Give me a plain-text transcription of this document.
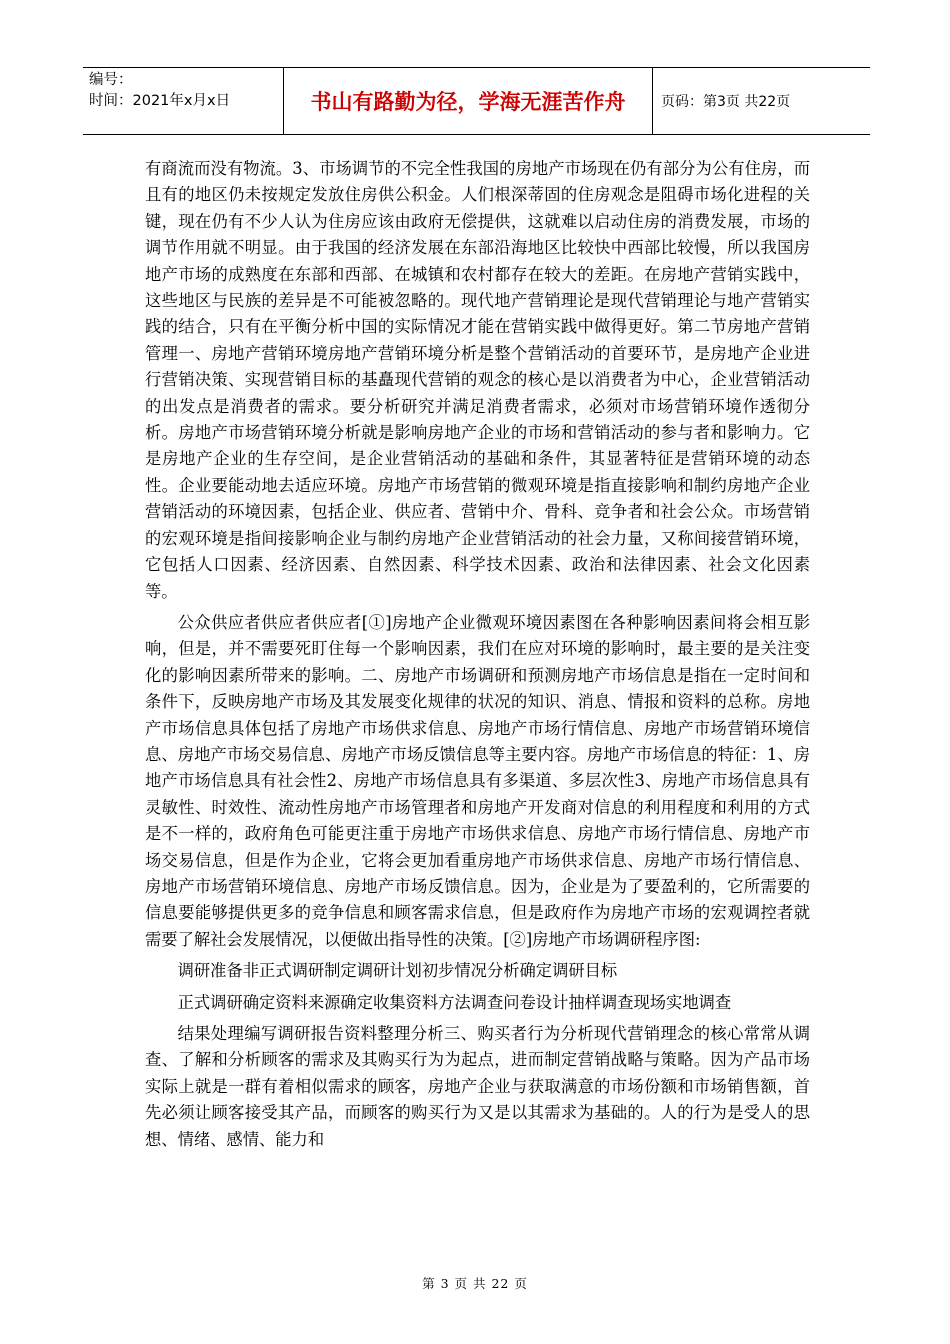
编号：
时间：2021年x月x日	书山有路勤为径，学海无涯苦作舟	页码：第3页 共22页

有商流而没有物流。3、市场调节的不完全性我国的房地产市场现在仍有部分为公有住房，而且有的地区仍未按规定发放住房供公积金。人们根深蒂固的住房观念是阻碍市场化进程的关键，现在仍有不少人认为住房应该由政府无偿提供，这就难以启动住房的消费发展，市场的调节作用就不明显。由于我国的经济发展在东部沿海地区比较快中西部比较慢，所以我国房地产市场的成熟度在东部和西部、在城镇和农村都存在较大的差距。在房地产营销实践中，这些地区与民族的差异是不可能被忽略的。现代地产营销理论是现代营销理论与地产营销实践的结合，只有在平衡分析中国的实际情况才能在营销实践中做得更好。第二节房地产营销管理一、房地产营销环境房地产营销环境分析是整个营销活动的首要环节，是房地产企业进行营销决策、实现营销目标的基矗现代营销的观念的核心是以消费者为中心，企业营销活动的出发点是消费者的需求。要分析研究并满足消费者需求，必须对市场营销环境作透彻分析。房地产市场营销环境分析就是影响房地产企业的市场和营销活动的参与者和影响力。它是房地产企业的生存空间，是企业营销活动的基础和条件，其显著特征是营销环境的动态性。企业要能动地去适应环境。房地产市场营销的微观环境是指直接影响和制约房地产企业营销活动的环境因素，包括企业、供应者、营销中介、骨科、竞争者和社会公众。市场营销的宏观环境是指间接影响企业与制约房地产企业营销活动的社会力量，又称间接营销环境，它包括人口因素、经济因素、自然因素、科学技术因素、政治和法律因素、社会文化因素等。

公众供应者供应者供应者[①]房地产企业微观环境因素图在各种影响因素间将会相互影响，但是，并不需要死盯住每一个影响因素，我们在应对环境的影响时，最主要的是关注变化的影响因素所带来的影响。二、房地产市场调研和预测房地产市场信息是指在一定时间和条件下，反映房地产市场及其发展变化规律的状况的知识、消息、情报和资料的总称。房地产市场信息具体包括了房地产市场供求信息、房地产市场行情信息、房地产市场营销环境信息、房地产市场交易信息、房地产市场反馈信息等主要内容。房地产市场信息的特征：1、房地产市场信息具有社会性2、房地产市场信息具有多渠道、多层次性3、房地产市场信息具有灵敏性、时效性、流动性房地产市场管理者和房地产开发商对信息的利用程度和利用的方式是不一样的，政府角色可能更注重于房地产市场供求信息、房地产市场行情信息、房地产市场交易信息，但是作为企业，它将会更加看重房地产市场供求信息、房地产市场行情信息、房地产市场营销环境信息、房地产市场反馈信息。因为，企业是为了要盈利的，它所需要的信息要能够提供更多的竞争信息和顾客需求信息，但是政府作为房地产市场的宏观调控者就需要了解社会发展情况，以便做出指导性的决策。[②]房地产市场调研程序图:

调研准备非正式调研制定调研计划初步情况分析确定调研目标

正式调研确定资料来源确定收集资料方法调查问卷设计抽样调查现场实地调查

结果处理编写调研报告资料整理分析三、购买者行为分析现代营销理念的核心常常从调查、了解和分析顾客的需求及其购买行为为起点，进而制定营销战略与策略。因为产品市场实际上就是一群有着相似需求的顾客，房地产企业与获取满意的市场份额和市场销售额，首先必须让顾客接受其产品，而顾客的购买行为又是以其需求为基础的。人的行为是受人的思想、情绪、感情、能力和

第 3 页 共 22 页
